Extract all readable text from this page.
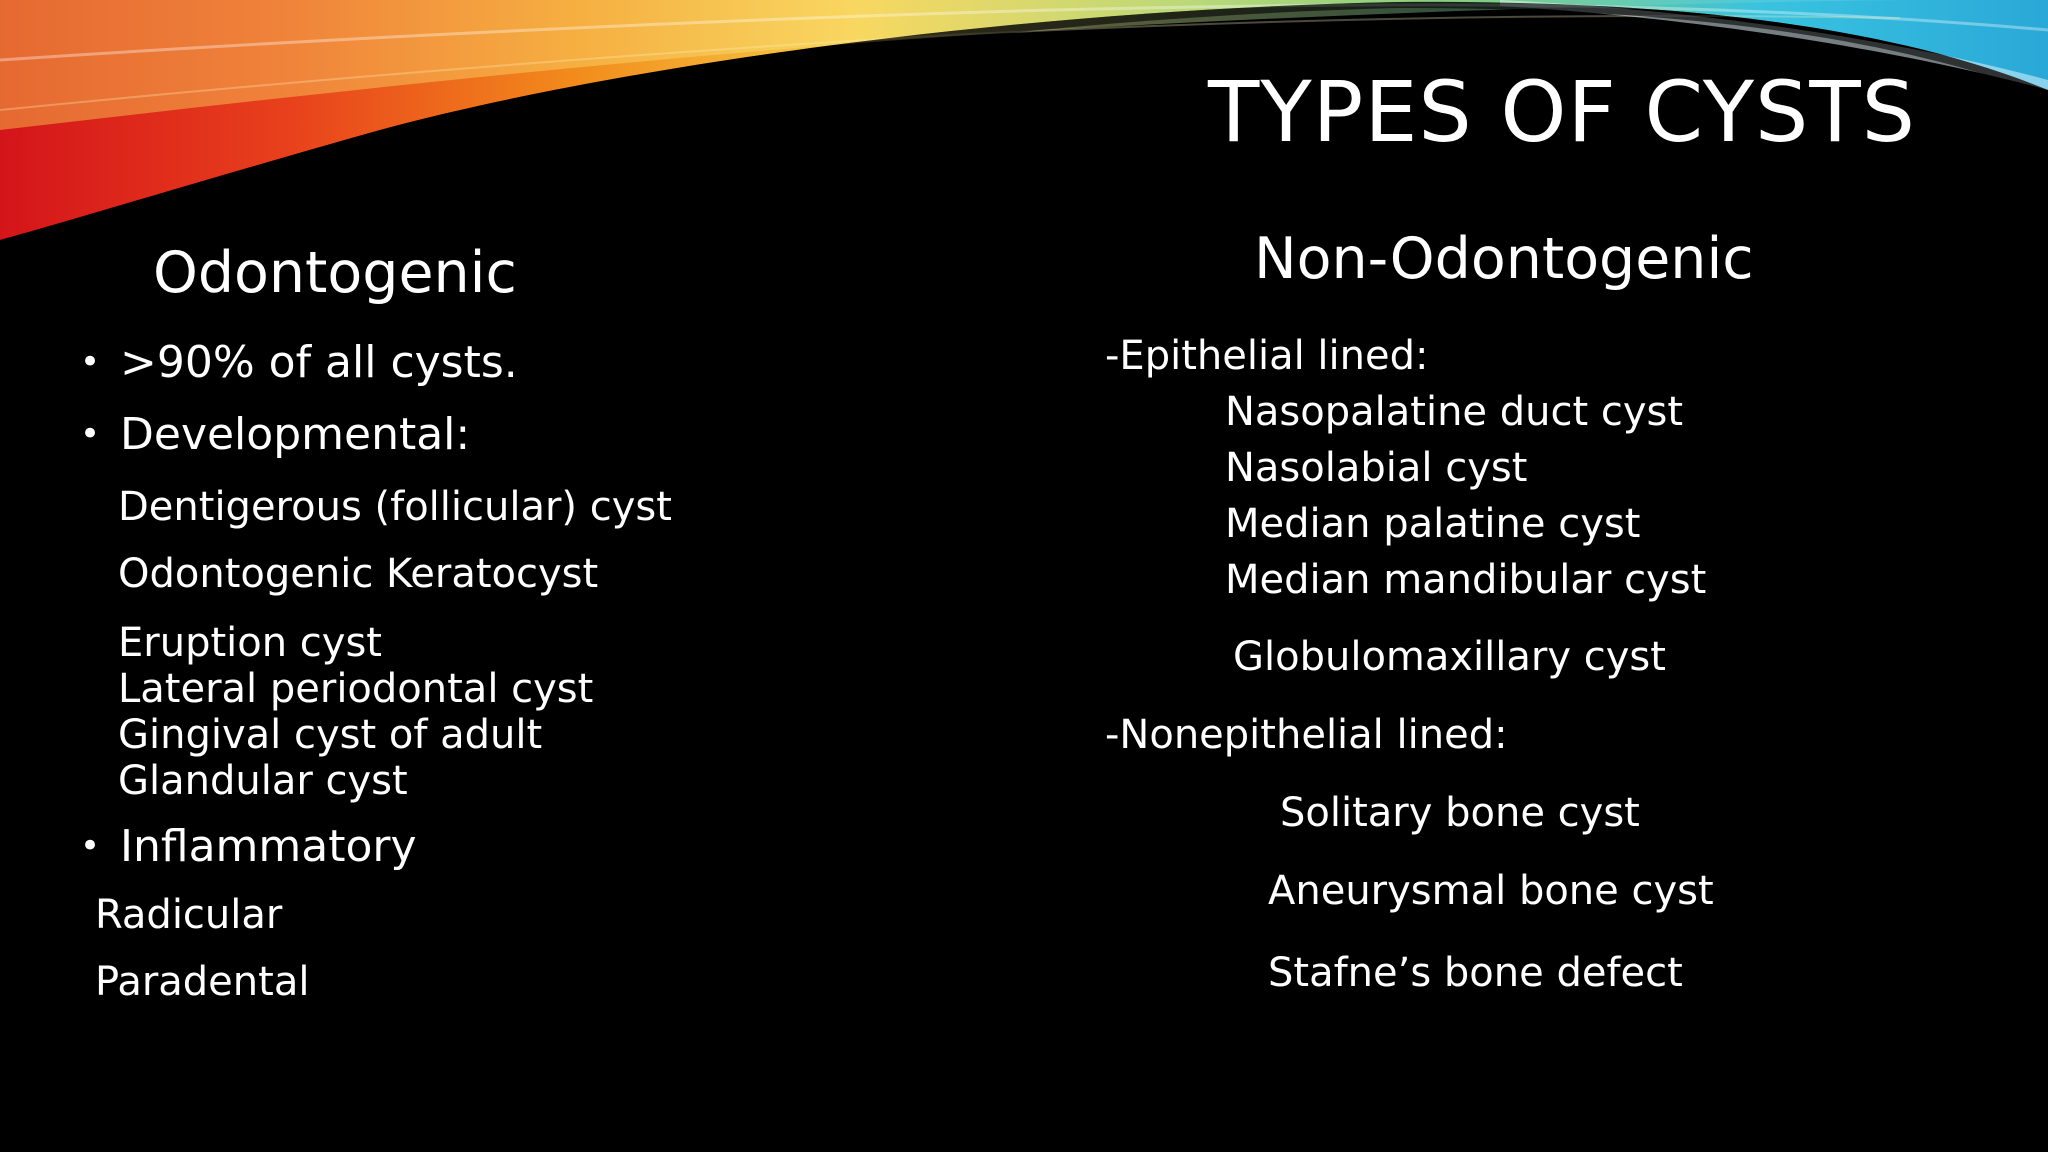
TYPES OF CYSTS
Odontogenic
• >90% of all cysts.
• Developmental:
Dentigerous (follicular) cyst
Odontogenic Keratocyst
Eruption cyst
Lateral periodontal cyst
Gingival cyst of adult
Glandular cyst
• Inflammatory
Radicular
Paradental
Non-Odontogenic
-Epithelial lined:
Nasopalatine duct cyst
Nasolabial cyst
Median palatine cyst
Median mandibular cyst
Globulomaxillary cyst
-Nonepithelial lined:
Solitary bone cyst
Aneurysmal bone cyst
Stafne’s bone defect
